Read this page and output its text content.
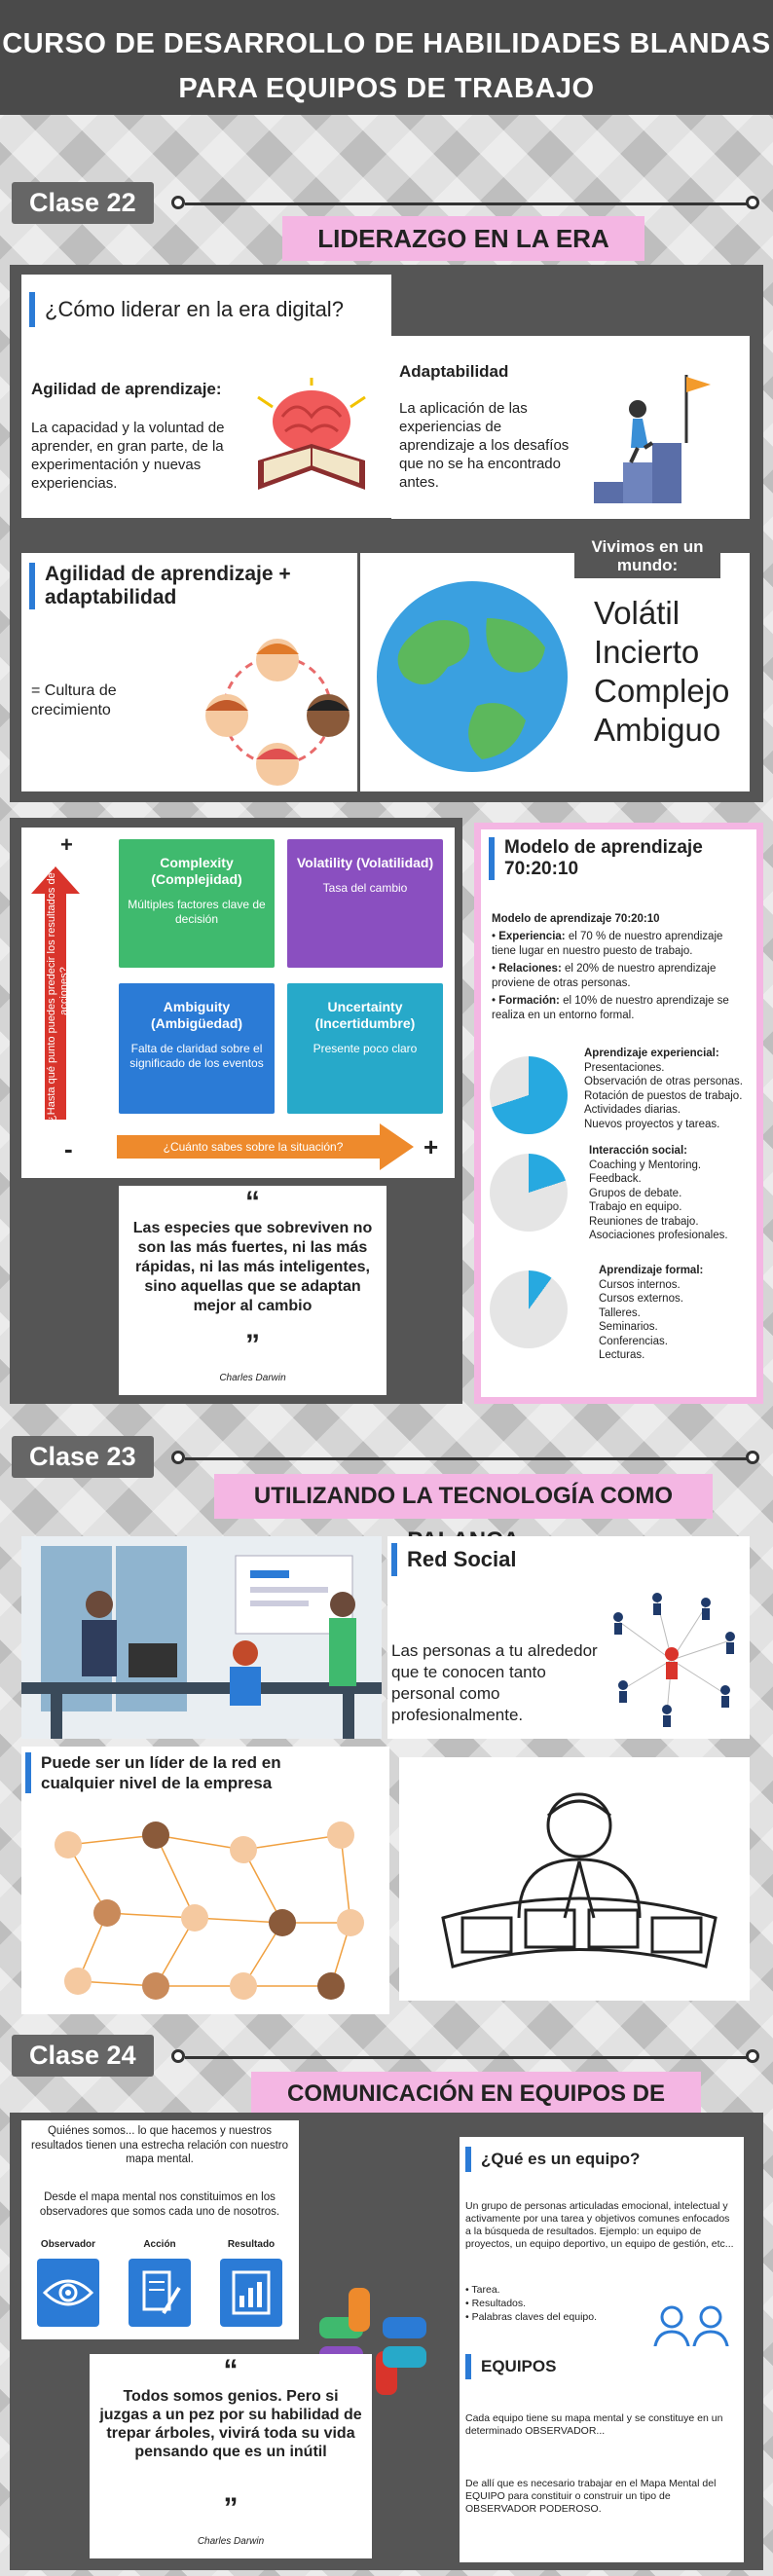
CURSO DE DESARROLLO DE HABILIDADES BLANDAS
PARA EQUIPOS DE TRABAJO
Clase 22
LIDERAZGO EN LA ERA
¿Cómo liderar en la era digital?
Agilidad de aprendizaje:
La capacidad y la voluntad de aprender, en gran parte, de la experimentación y nuevas experiencias.
Adaptabilidad
La aplicación de las experiencias de aprendizaje a los desafíos que no se ha encontrado antes.
Agilidad de aprendizaje + adaptabilidad
= Cultura de crecimiento
Vivimos en un mundo:
Volátil
Incierto
Complejo
Ambiguo
+
-	+
¿Hasta qué punto puedes predecir los resultados de tu acciones?
Complexity (Complejidad)
Múltiples factores clave de decisión
Volatility (Volatilidad)
Tasa del cambio
Ambiguity (Ambigüedad)
Falta de claridad sobre el significado de los eventos
Uncertainty (Incertidumbre)
Presente poco claro
¿Cuánto sabes sobre la situación?
“
Las especies que sobreviven no son las más fuertes, ni las más rápidas, ni las más inteligentes, sino aquellas que se adaptan mejor al cambio
”
Charles Darwin
Modelo de aprendizaje 70:20:10
Modelo de aprendizaje 70:20:10
• Experiencia: el 70 % de nuestro aprendizaje tiene lugar en nuestro puesto de trabajo.
• Relaciones: el 20% de nuestro aprendizaje proviene de otras personas.
• Formación: el 10% de nuestro aprendizaje se realiza en un entorno formal.
Aprendizaje experiencial:
Presentaciones.
Observación de otras personas.
Rotación de puestos de trabajo.
Actividades diarias.
Nuevos proyectos y tareas.
Interacción social:
Coaching y Mentoring.
Feedback.
Grupos de debate.
Trabajo en equipo.
Reuniones de trabajo.
Asociaciones profesionales.
Aprendizaje formal:
Cursos internos.
Cursos externos.
Talleres.
Seminarios.
Conferencias.
Lecturas.
Clase 23
UTILIZANDO LA TECNOLOGÍA COMO
Red Social
Las personas a tu alrededor que te conocen tanto personal como profesionalmente.
Puede ser un líder de la red en cualquier nivel de la empresa
Clase 24
COMUNICACIÓN EN EQUIPOS DE
Quiénes somos... lo que hacemos y nuestros resultados tienen una estrecha relación con nuestro mapa mental.
Desde el mapa mental nos constituimos en los observadores que somos cada uno de nosotros.
Observador	Acción	Resultado
¿Qué es un equipo?
Un grupo de personas articuladas emocional, intelectual y activamente por una tarea y objetivos comunes enfocados a la búsqueda de resultados. Ejemplo: un equipo de proyectos, un equipo deportivo, un equipo de gestión, etc...
• Tarea.
• Resultados.
• Palabras claves del equipo.
EQUIPOS
Cada equipo tiene su mapa mental y se constituye en un determinado OBSERVADOR...
De allí que es necesario trabajar en el Mapa Mental del EQUIPO para constituir o construir un tipo de OBSERVADOR PODEROSO.
“
Todos somos genios. Pero si juzgas a un pez por su habilidad de trepar árboles, vivirá toda su vida pensando que es un inútil
”
Charles Darwin
